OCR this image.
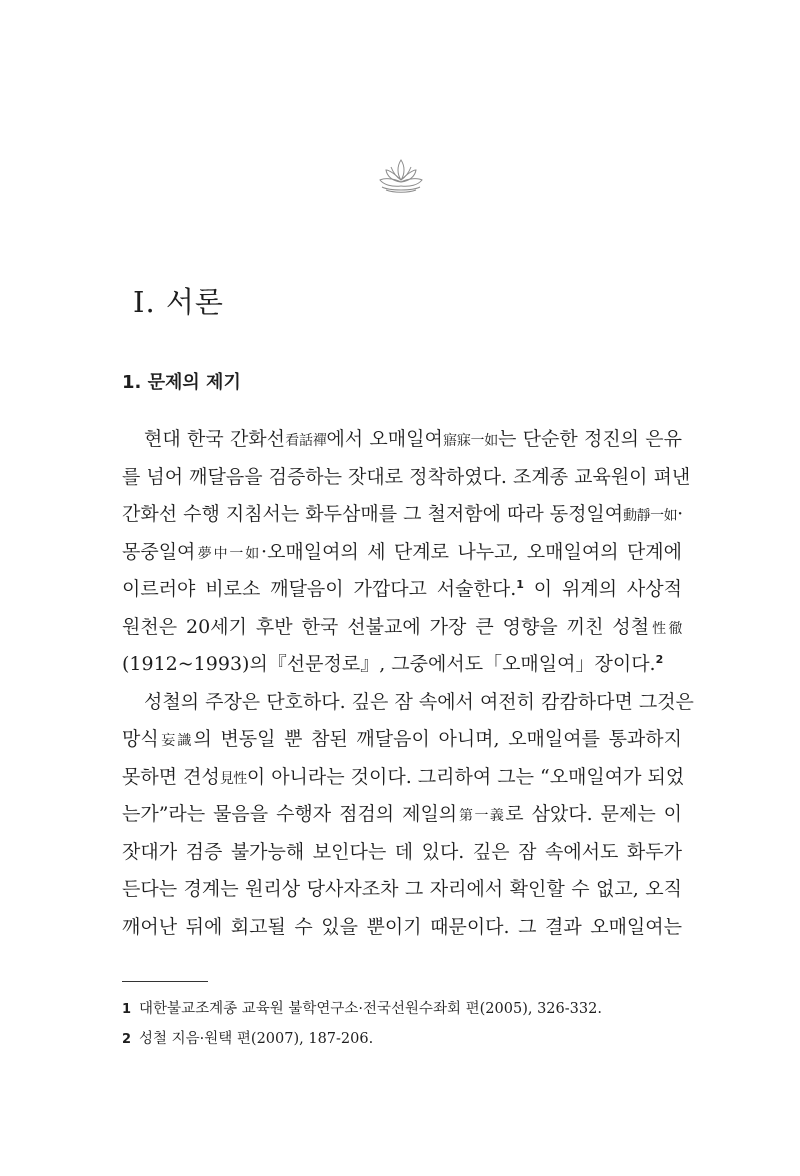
Ⅰ. 서론
1. 문제의 제기
현대 한국 간화선看話禪에서 오매일여寤寐一如는 단순한 정진의 은유
를 넘어 깨달음을 검증하는 잣대로 정착하였다. 조계종 교육원이 펴낸
간화선 수행 지침서는 화두삼매를 그 철저함에 따라 동정일여動靜一如·
몽중일여夢中一如·오매일여의 세 단계로 나누고, 오매일여의 단계에
이르러야 비로소 깨달음이 가깝다고 서술한다.$^1$ 이 위계의 사상적
원천은 20세기 후반 한국 선불교에 가장 큰 영향을 끼친 성철性徹
(1912~1993)의『선문정로』, 그중에서도「오매일여」장이다.$^2$
성철의 주장은 단호하다. 깊은 잠 속에서 여전히 캄캄하다면 그것은
망식妄識의 변동일 뿐 참된 깨달음이 아니며, 오매일여를 통과하지
못하면 견성見性이 아니라는 것이다. 그리하여 그는 “오매일여가 되었
는가”라는 물음을 수행자 점검의 제일의第一義로 삼았다. 문제는 이
잣대가 검증 불가능해 보인다는 데 있다. 깊은 잠 속에서도 화두가
든다는 경계는 원리상 당사자조차 그 자리에서 확인할 수 없고, 오직
깨어난 뒤에 회고될 수 있을 뿐이기 때문이다. 그 결과 오매일여는
1 대한불교조계종 교육원 불학연구소·전국선원수좌회 편(2005), 326-332.
2 성철 지음·원택 편(2007), 187-206.
